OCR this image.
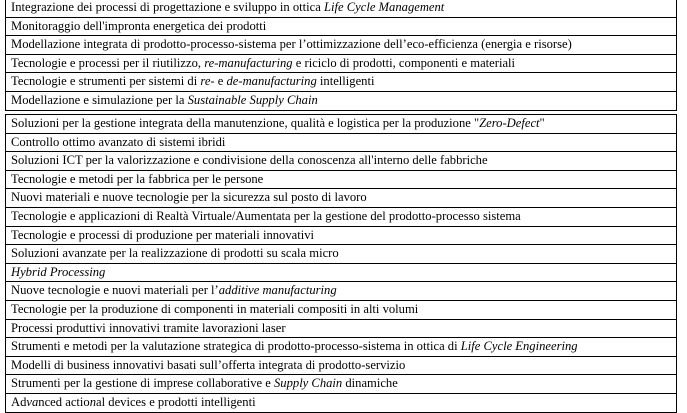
Integrazione dei processi di progettazione e sviluppo in ottica Life Cycle Management
Monitoraggio dell'impronta energetica dei prodotti
Modellazione integrata di prodotto-processo-sistema per l’ottimizzazione dell’eco-efficienza (energia e risorse)
Tecnologie e processi per il riutilizzo, re-manufacturing e riciclo di prodotti, componenti e materiali
Tecnologie e strumenti per sistemi di re- e de-manufacturing intelligenti
Modellazione e simulazione per la Sustainable Supply Chain
Soluzioni per la gestione integrata della manutenzione, qualità e logistica per la produzione "Zero-Defect"
Controllo ottimo avanzato di sistemi ibridi
Soluzioni ICT per la valorizzazione e condivisione della conoscenza all'interno delle fabbriche
Tecnologie e metodi per la fabbrica per le persone
Nuovi materiali e nuove tecnologie per la sicurezza sul posto di lavoro
Tecnologie e applicazioni di Realtà Virtuale/Aumentata per la gestione del prodotto-processo sistema
Tecnologie e processi di produzione per materiali innovativi
Soluzioni avanzate per la realizzazione di prodotti su scala micro
Hybrid Processing
Nuove tecnologie e nuovi materiali per l’additive manufacturing
Tecnologie per la produzione di componenti in materiali compositi in alti volumi
Processi produttivi innovativi tramite lavorazioni laser
Strumenti e metodi per la valutazione strategica di prodotto-processo-sistema in ottica di Life Cycle Engineering
Modelli di business innovativi basati sull’offerta integrata di prodotto-servizio
Strumenti per la gestione di imprese collaborative e Supply Chain dinamiche
Advanced actional devices e prodotti intelligenti
